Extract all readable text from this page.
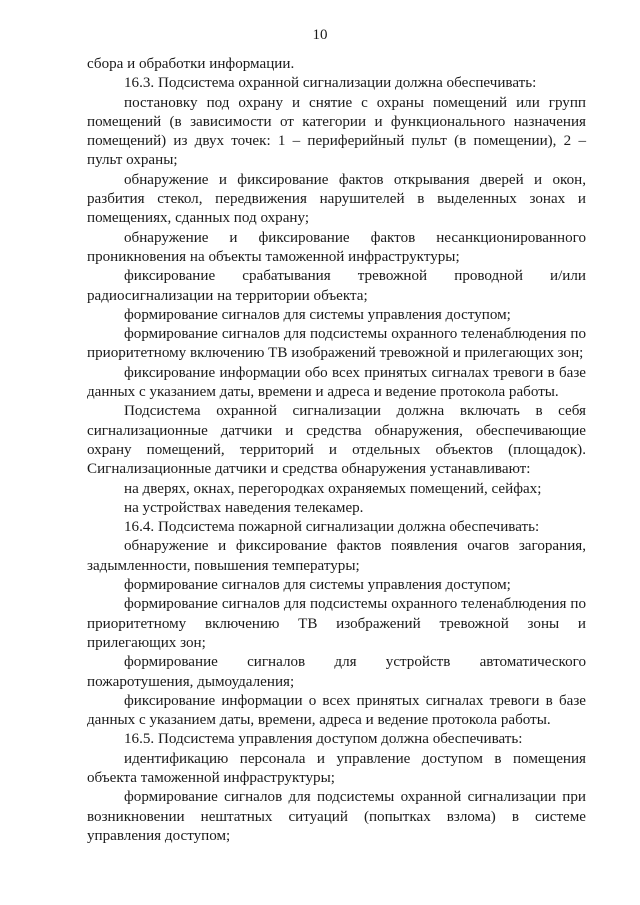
10

сбора и обработки информации.

16.3. Подсистема охранной сигнализации должна обеспечивать:

постановку под охрану и снятие с охраны помещений или групп помещений (в зависимости от категории и функционального назначения помещений) из двух точек: 1 – периферийный пульт (в помещении), 2 – пульт охраны;

обнаружение и фиксирование фактов открывания дверей и окон, разбития стекол, передвижения нарушителей в выделенных зонах и помещениях, сданных под охрану;

обнаружение и фиксирование фактов несанкционированного проникновения на объекты таможенной инфраструктуры;

фиксирование срабатывания тревожной проводной и/или радиосигнализации на территории объекта;

формирование сигналов для системы управления доступом;

формирование сигналов для подсистемы охранного теленаблюдения по приоритетному включению ТВ изображений тревожной и прилегающих зон;

фиксирование информации обо всех принятых сигналах тревоги в базе данных с указанием даты, времени и адреса и ведение протокола работы.

Подсистема охранной сигнализации должна включать в себя сигнализационные датчики и средства обнаружения, обеспечивающие охрану помещений, территорий и отдельных объектов (площадок). Сигнализационные датчики и средства обнаружения устанавливают:

на дверях, окнах, перегородках охраняемых помещений, сейфах;

на устройствах наведения телекамер.

16.4. Подсистема пожарной сигнализации должна обеспечивать:

обнаружение и фиксирование фактов появления очагов загорания, задымленности, повышения температуры;

формирование сигналов для системы управления доступом;

формирование сигналов для подсистемы охранного теленаблюдения по приоритетному включению ТВ изображений тревожной зоны и прилегающих зон;

формирование сигналов для устройств автоматического пожаротушения, дымоудаления;

фиксирование информации о всех принятых сигналах тревоги в базе данных с указанием даты, времени, адреса и ведение протокола работы.

16.5. Подсистема управления доступом должна обеспечивать:

идентификацию персонала и управление доступом в помещения объекта таможенной инфраструктуры;

формирование сигналов для подсистемы охранной сигнализации при возникновении нештатных ситуаций (попытках взлома) в системе управления доступом;
